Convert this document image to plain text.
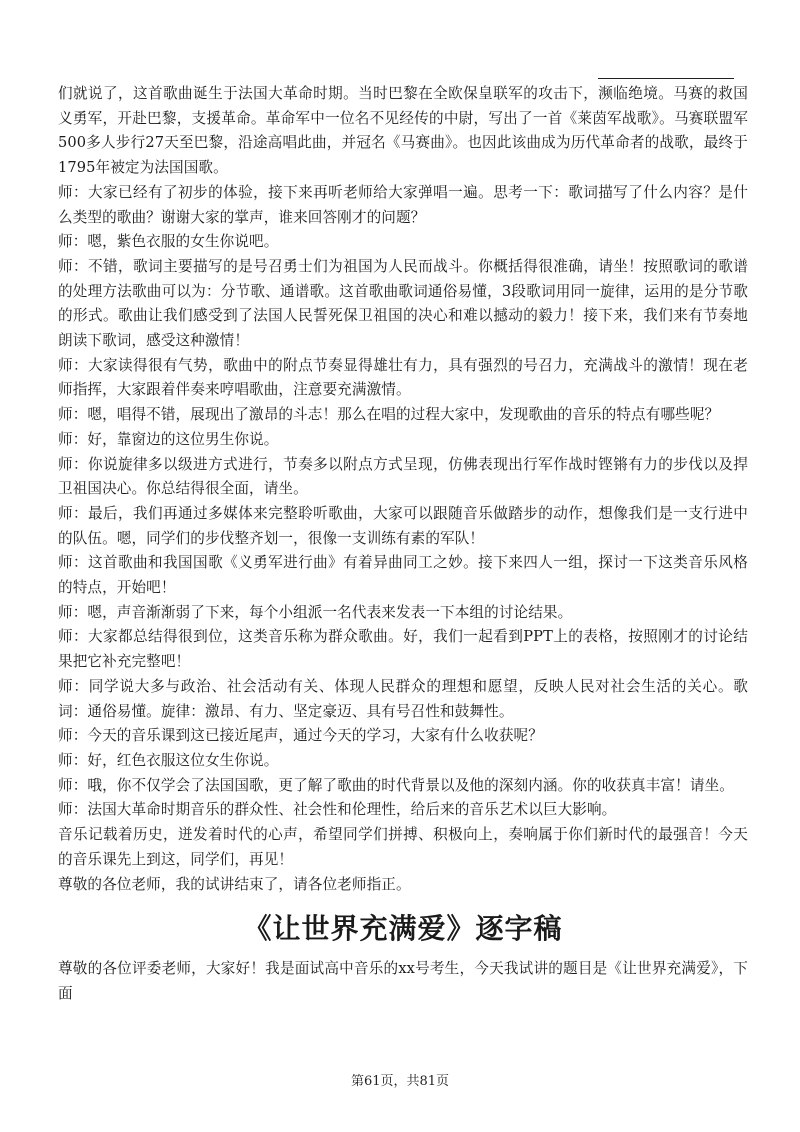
们就说了，这首歌曲诞生于法国大革命时期。当时巴黎在全欧保皇联军的攻击下，濒临绝境。马赛的救国义勇军，开赴巴黎，支援革命。革命军中一位名不见经传的中尉，写出了一首《莱茵军战歌》。马赛联盟军500多人步行27天至巴黎，沿途高唱此曲，并冠名《马赛曲》。也因此该曲成为历代革命者的战歌，最终于1795年被定为法国国歌。

师：大家已经有了初步的体验，接下来再听老师给大家弹唱一遍。思考一下：歌词描写了什么内容？是什么类型的歌曲？谢谢大家的掌声，谁来回答刚才的问题？

师：嗯，紫色衣服的女生你说吧。

师：不错，歌词主要描写的是号召勇士们为祖国为人民而战斗。你概括得很准确，请坐！按照歌词的歌谱的处理方法歌曲可以为：分节歌、通谱歌。这首歌曲歌词通俗易懂，3段歌词用同一旋律，运用的是分节歌的形式。歌曲让我们感受到了法国人民誓死保卫祖国的决心和难以撼动的毅力！接下来，我们来有节奏地朗读下歌词，感受这种激情！

师：大家读得很有气势，歌曲中的附点节奏显得雄壮有力，具有强烈的号召力，充满战斗的激情！现在老师指挥，大家跟着伴奏来哼唱歌曲，注意要充满激情。

师：嗯，唱得不错，展现出了激昂的斗志！那么在唱的过程大家中，发现歌曲的音乐的特点有哪些呢？

师：好，靠窗边的这位男生你说。

师：你说旋律多以级进方式进行，节奏多以附点方式呈现，仿佛表现出行军作战时铿锵有力的步伐以及捍卫祖国决心。你总结得很全面，请坐。

师：最后，我们再通过多媒体来完整聆听歌曲，大家可以跟随音乐做踏步的动作，想像我们是一支行进中的队伍。嗯，同学们的步伐整齐划一，很像一支训练有素的军队！

师：这首歌曲和我国国歌《义勇军进行曲》有着异曲同工之妙。接下来四人一组，探讨一下这类音乐风格的特点，开始吧！

师：嗯，声音渐渐弱了下来，每个小组派一名代表来发表一下本组的讨论结果。

师：大家都总结得很到位，这类音乐称为群众歌曲。好，我们一起看到PPT上的表格，按照刚才的讨论结果把它补充完整吧！

师：同学说大多与政治、社会活动有关、体现人民群众的理想和愿望，反映人民对社会生活的关心。歌词：通俗易懂。旋律：激昂、有力、坚定豪迈、具有号召性和鼓舞性。

师：今天的音乐课到这已接近尾声，通过今天的学习，大家有什么收获呢？

师：好，红色衣服这位女生你说。

师：哦，你不仅学会了法国国歌，更了解了歌曲的时代背景以及他的深刻内涵。你的收获真丰富！请坐。

师：法国大革命时期音乐的群众性、社会性和伦理性，给后来的音乐艺术以巨大影响。

音乐记载着历史，迸发着时代的心声，希望同学们拼搏、积极向上，奏响属于你们新时代的最强音！今天的音乐课先上到这，同学们，再见！

尊敬的各位老师，我的试讲结束了，请各位老师指正。

《让世界充满爱》逐字稿

尊敬的各位评委老师，大家好！我是面试高中音乐的xx号考生，今天我试讲的题目是《让世界充满爱》，下面

第61页，共81页
